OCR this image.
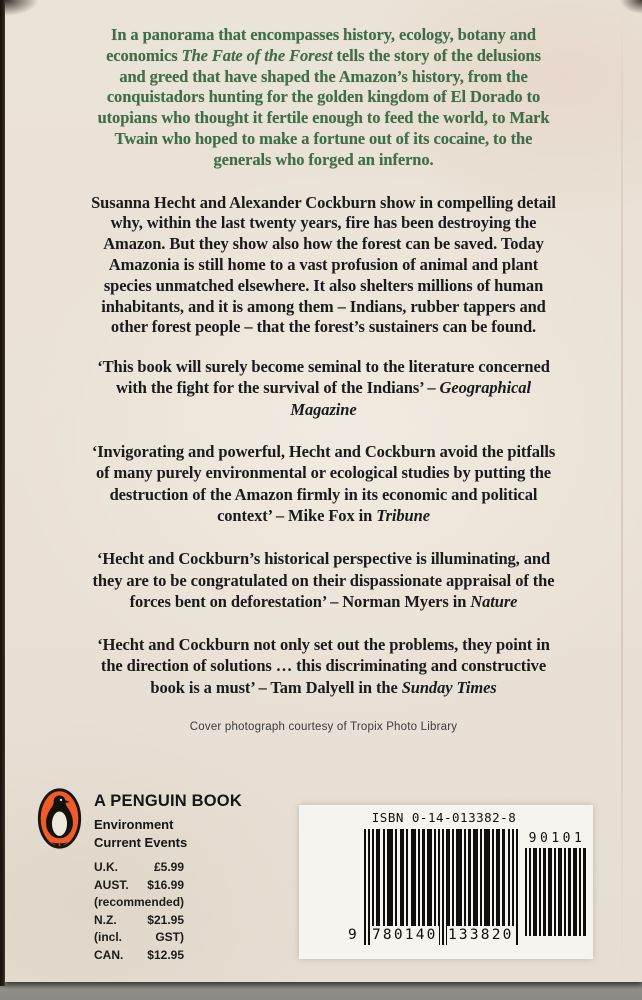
In a panorama that encompasses history, ecology, botany and
economics The Fate of the Forest tells the story of the delusions
and greed that have shaped the Amazon’s history, from the
conquistadors hunting for the golden kingdom of El Dorado to
utopians who thought it fertile enough to feed the world, to Mark
Twain who hoped to make a fortune out of its cocaine, to the
generals who forged an inferno.

Susanna Hecht and Alexander Cockburn show in compelling detail
why, within the last twenty years, fire has been destroying the
Amazon. But they show also how the forest can be saved. Today
Amazonia is still home to a vast profusion of animal and plant
species unmatched elsewhere. It also shelters millions of human
inhabitants, and it is among them – Indians, rubber tappers and
other forest people – that the forest’s sustainers can be found.

‘This book will surely become seminal to the literature concerned
with the fight for the survival of the Indians’ – Geographical
Magazine

‘Invigorating and powerful, Hecht and Cockburn avoid the pitfalls
of many purely environmental or ecological studies by putting the
destruction of the Amazon firmly in its economic and political
context’ – Mike Fox in Tribune

‘Hecht and Cockburn’s historical perspective is illuminating, and
they are to be congratulated on their dispassionate appraisal of the
forces bent on deforestation’ – Norman Myers in Nature

‘Hecht and Cockburn not only set out the problems, they point in
the direction of solutions … this discriminating and constructive
book is a must’ – Tam Dalyell in the Sunday Times

Cover photograph courtesy of Tropix Photo Library

A PENGUIN BOOK
Environment
Current Events
U.K.	£5.99
AUST. $16.99
(recommended)
N.Z.	$21.95
(incl.	GST)
CAN. $12.95
ISBN 0-14-013382-8
9 780140 133820
90101
